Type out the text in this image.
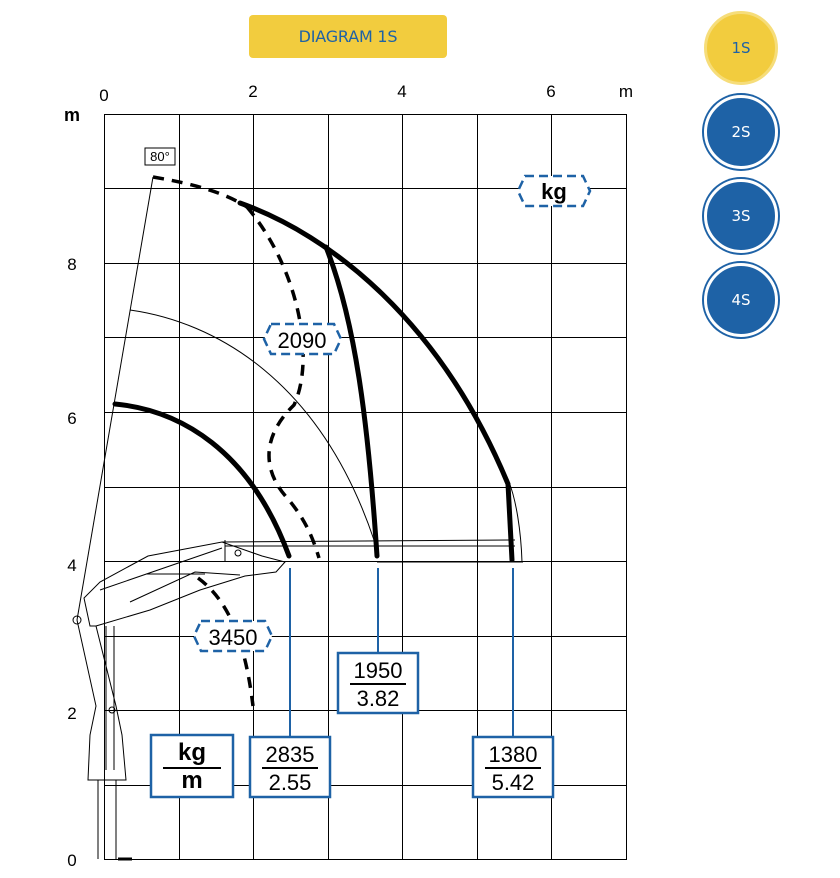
DIAGRAM 1S
1S
2S
3S
4S
0	2	4	6	m
m
8
6
4
2
0
80°
kg
2090
3450
kg
m
2835
2.55
1950
3.82
1380
5.42
